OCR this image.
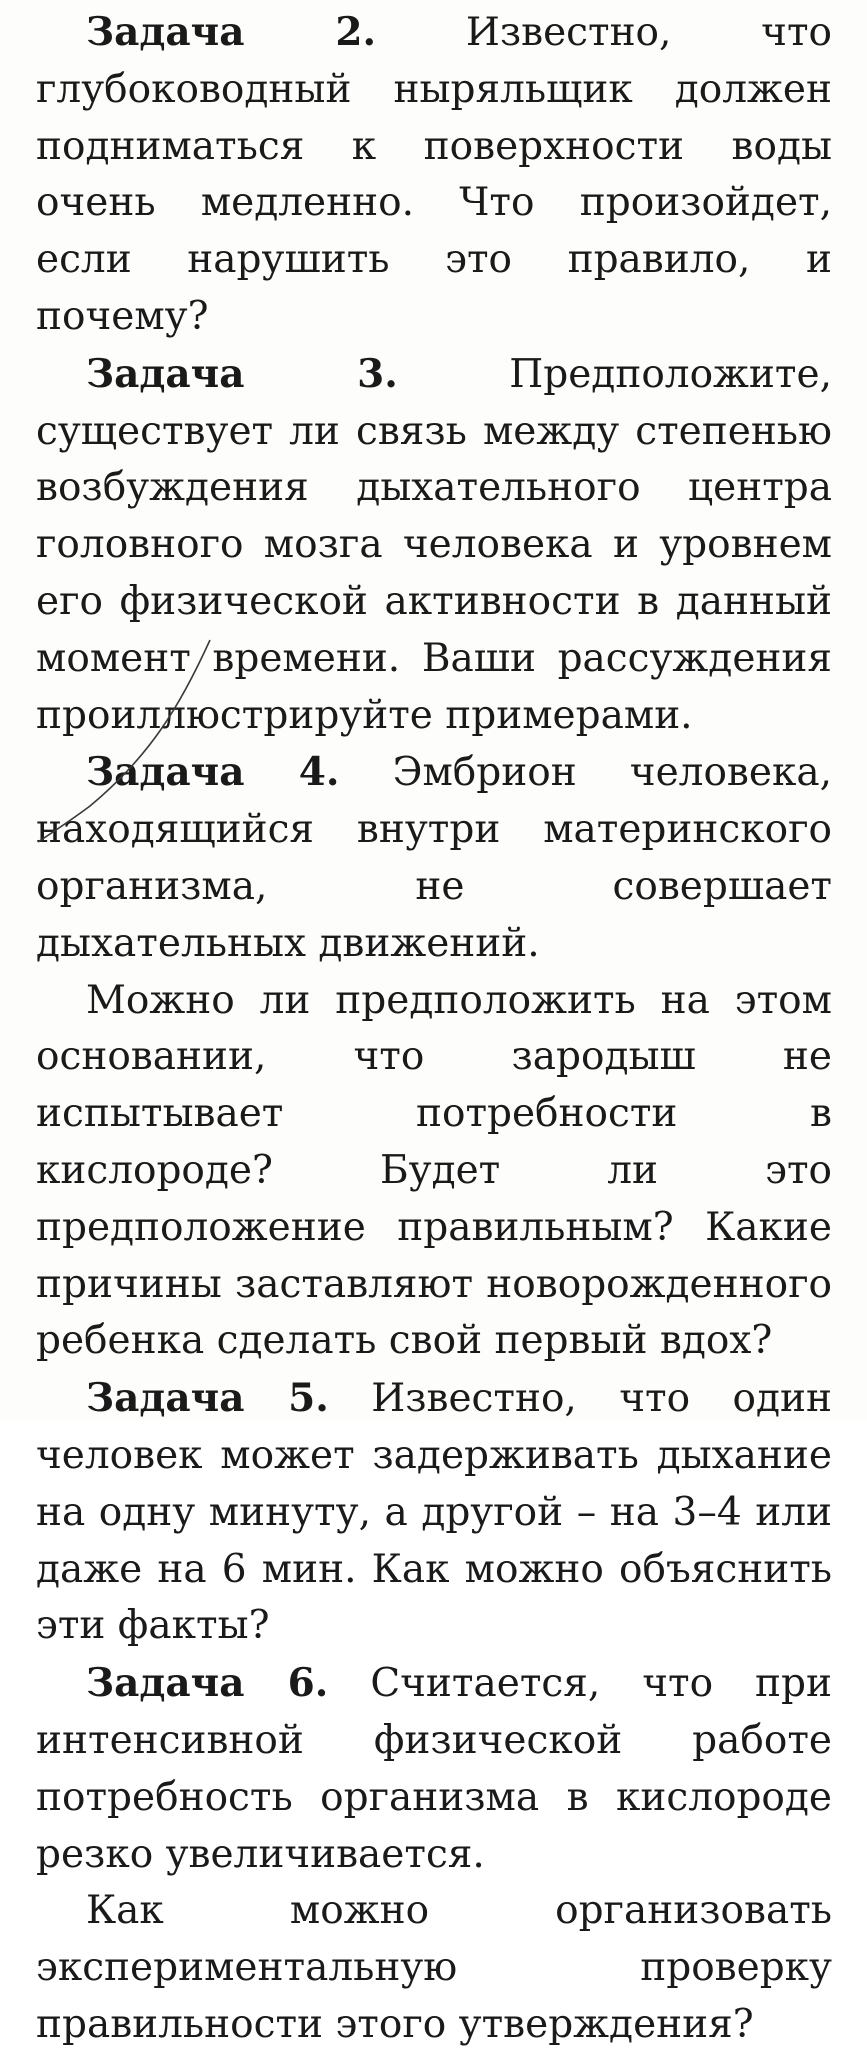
Задача 2. Известно, что глубоководный ныряльщик должен подниматься к поверхности воды очень медленно. Что произойдет, если нарушить это правило, и почему?

Задача 3.	Предположите, существует ли связь между степенью возбуждения дыхательного центра головного мозга человека и уровнем его физической активности в данный момент времени. Ваши рассуждения проиллюстрируйте примерами.

Задача 4. Эмбрион человека, находящийся внутри материнского организма, не совершает дыхательных движений.

Можно ли предположить на этом основании, что зародыш не испытывает потребности в кислороде? Будет ли это предположение правильным? Какие причины заставляют новорожденного ребенка сделать свой первый вдох?

Задача 5. Известно, что один человек может задерживать дыхание на одну минуту, а другой – на 3–4 или даже на 6 мин. Как можно объяснить эти факты?

Задача 6. Считается, что при интенсивной физической работе потребность организма в кислороде резко увеличивается.

Как можно организовать экспериментальную проверку правильности этого утверждения?
